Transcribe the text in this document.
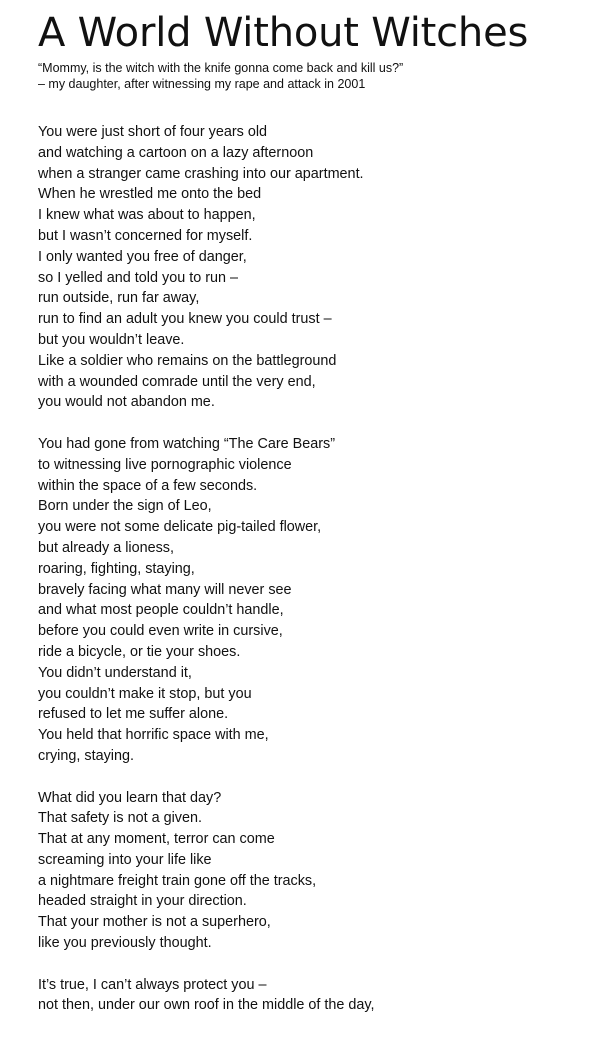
A World Without Witches
“Mommy, is the witch with the knife gonna come back and kill us?”
– my daughter, after witnessing my rape and attack in 2001
You were just short of four years old
and watching a cartoon on a lazy afternoon
when a stranger came crashing into our apartment.
When he wrestled me onto the bed
I knew what was about to happen,
but I wasn’t concerned for myself.
I only wanted you free of danger,
so I yelled and told you to run –
run outside, run far away,
run to find an adult you knew you could trust –
but you wouldn’t leave.
Like a soldier who remains on the battleground
with a wounded comrade until the very end,
you would not abandon me.
You had gone from watching “The Care Bears”
to witnessing live pornographic violence
within the space of a few seconds.
Born under the sign of Leo,
you were not some delicate pig-tailed flower,
but already a lioness,
roaring, fighting, staying,
bravely facing what many will never see
and what most people couldn’t handle,
before you could even write in cursive,
ride a bicycle, or tie your shoes.
You didn’t understand it,
you couldn’t make it stop, but you
refused to let me suffer alone.
You held that horrific space with me,
crying, staying.
What did you learn that day?
That safety is not a given.
That at any moment, terror can come
screaming into your life like
a nightmare freight train gone off the tracks,
headed straight in your direction.
That your mother is not a superhero,
like you previously thought.
It’s true, I can’t always protect you –
not then, under our own roof in the middle of the day,
